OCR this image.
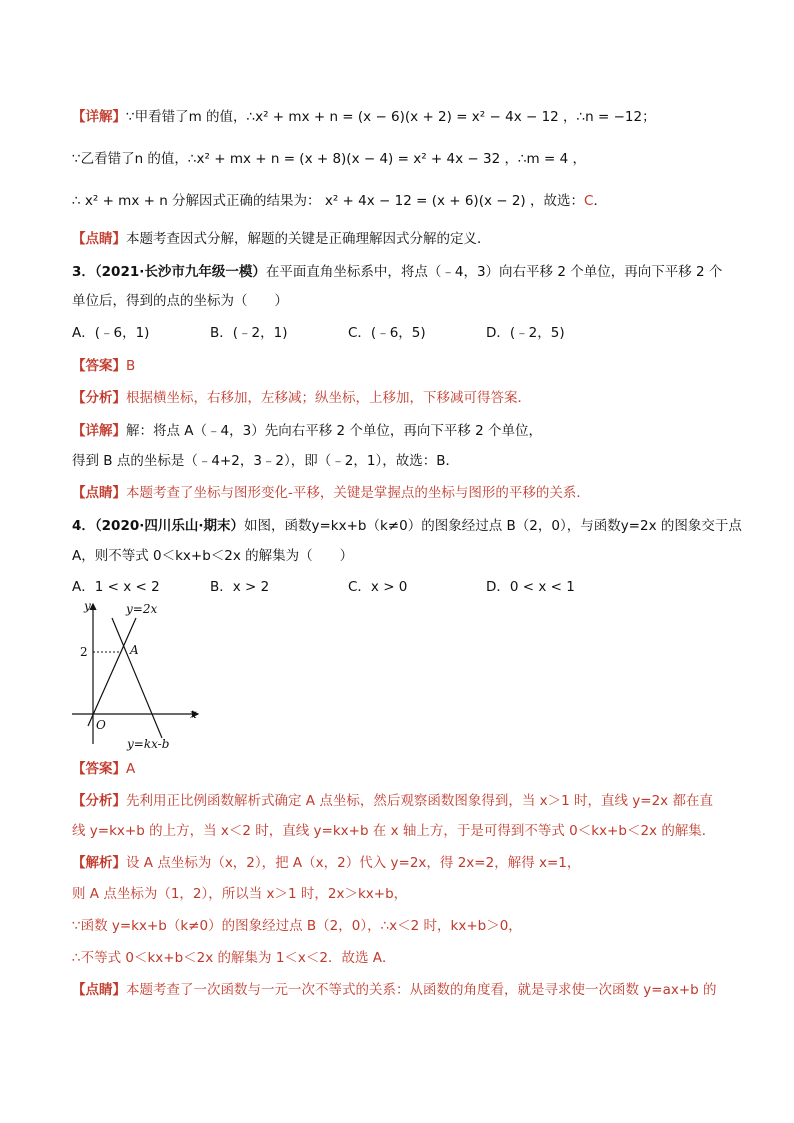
【详解】∵甲看错了m 的值，∴x² + mx + n = (x − 6)(x + 2) = x² − 4x − 12 ，∴n = −12；
∵乙看错了n 的值，∴x² + mx + n = (x + 8)(x − 4) = x² + 4x − 32 ，∴m = 4 ，
∴ x² + mx + n 分解因式正确的结果为： x² + 4x − 12 = (x + 6)(x − 2) ，故选：C．
【点睛】本题考查因式分解，解题的关键是正确理解因式分解的定义．
3．（2021·长沙市九年级一模）在平面直角坐标系中，将点（﹣4，3）向右平移 2 个单位，再向下平移 2 个
单位后，得到的点的坐标为（　　）
A．(﹣6，1)	B．(﹣2，1)	C．(﹣6，5)	D．(﹣2，5)
【答案】B
【分析】根据横坐标，右移加，左移减；纵坐标，上移加，下移减可得答案．
【详解】解：将点 A（﹣4，3）先向右平移 2 个单位，再向下平移 2 个单位，
得到 B 点的坐标是（﹣4+2，3﹣2），即（﹣2，1），故选：B．
【点睛】本题考查了坐标与图形变化-平移，关键是掌握点的坐标与图形的平移的关系．
4．（2020·四川乐山·期末）如图，函数y=kx+b（k≠0）的图象经过点 B（2，0），与函数y=2x 的图象交于点
A，则不等式 0＜kx+b＜2x 的解集为（　　）
A．1 < x < 2	B．x > 2	C．x > 0	D．0 < x < 1
y
x
O
y=2x
y=kx-b
A
2
【答案】A
【分析】先利用正比例函数解析式确定 A 点坐标，然后观察函数图象得到，当 x＞1 时，直线 y=2x 都在直
线 y=kx+b 的上方，当 x＜2 时，直线 y=kx+b 在 x 轴上方，于是可得到不等式 0＜kx+b＜2x 的解集．
【解析】设 A 点坐标为（x，2），把 A（x，2）代入 y=2x，得 2x=2，解得 x=1，
则 A 点坐标为（1，2），所以当 x＞1 时，2x＞kx+b，
∵函数 y=kx+b（k≠0）的图象经过点 B（2，0），∴x＜2 时，kx+b＞0，
∴不等式 0＜kx+b＜2x 的解集为 1＜x＜2．故选 A．
【点睛】本题考查了一次函数与一元一次不等式的关系：从函数的角度看，就是寻求使一次函数 y=ax+b 的
